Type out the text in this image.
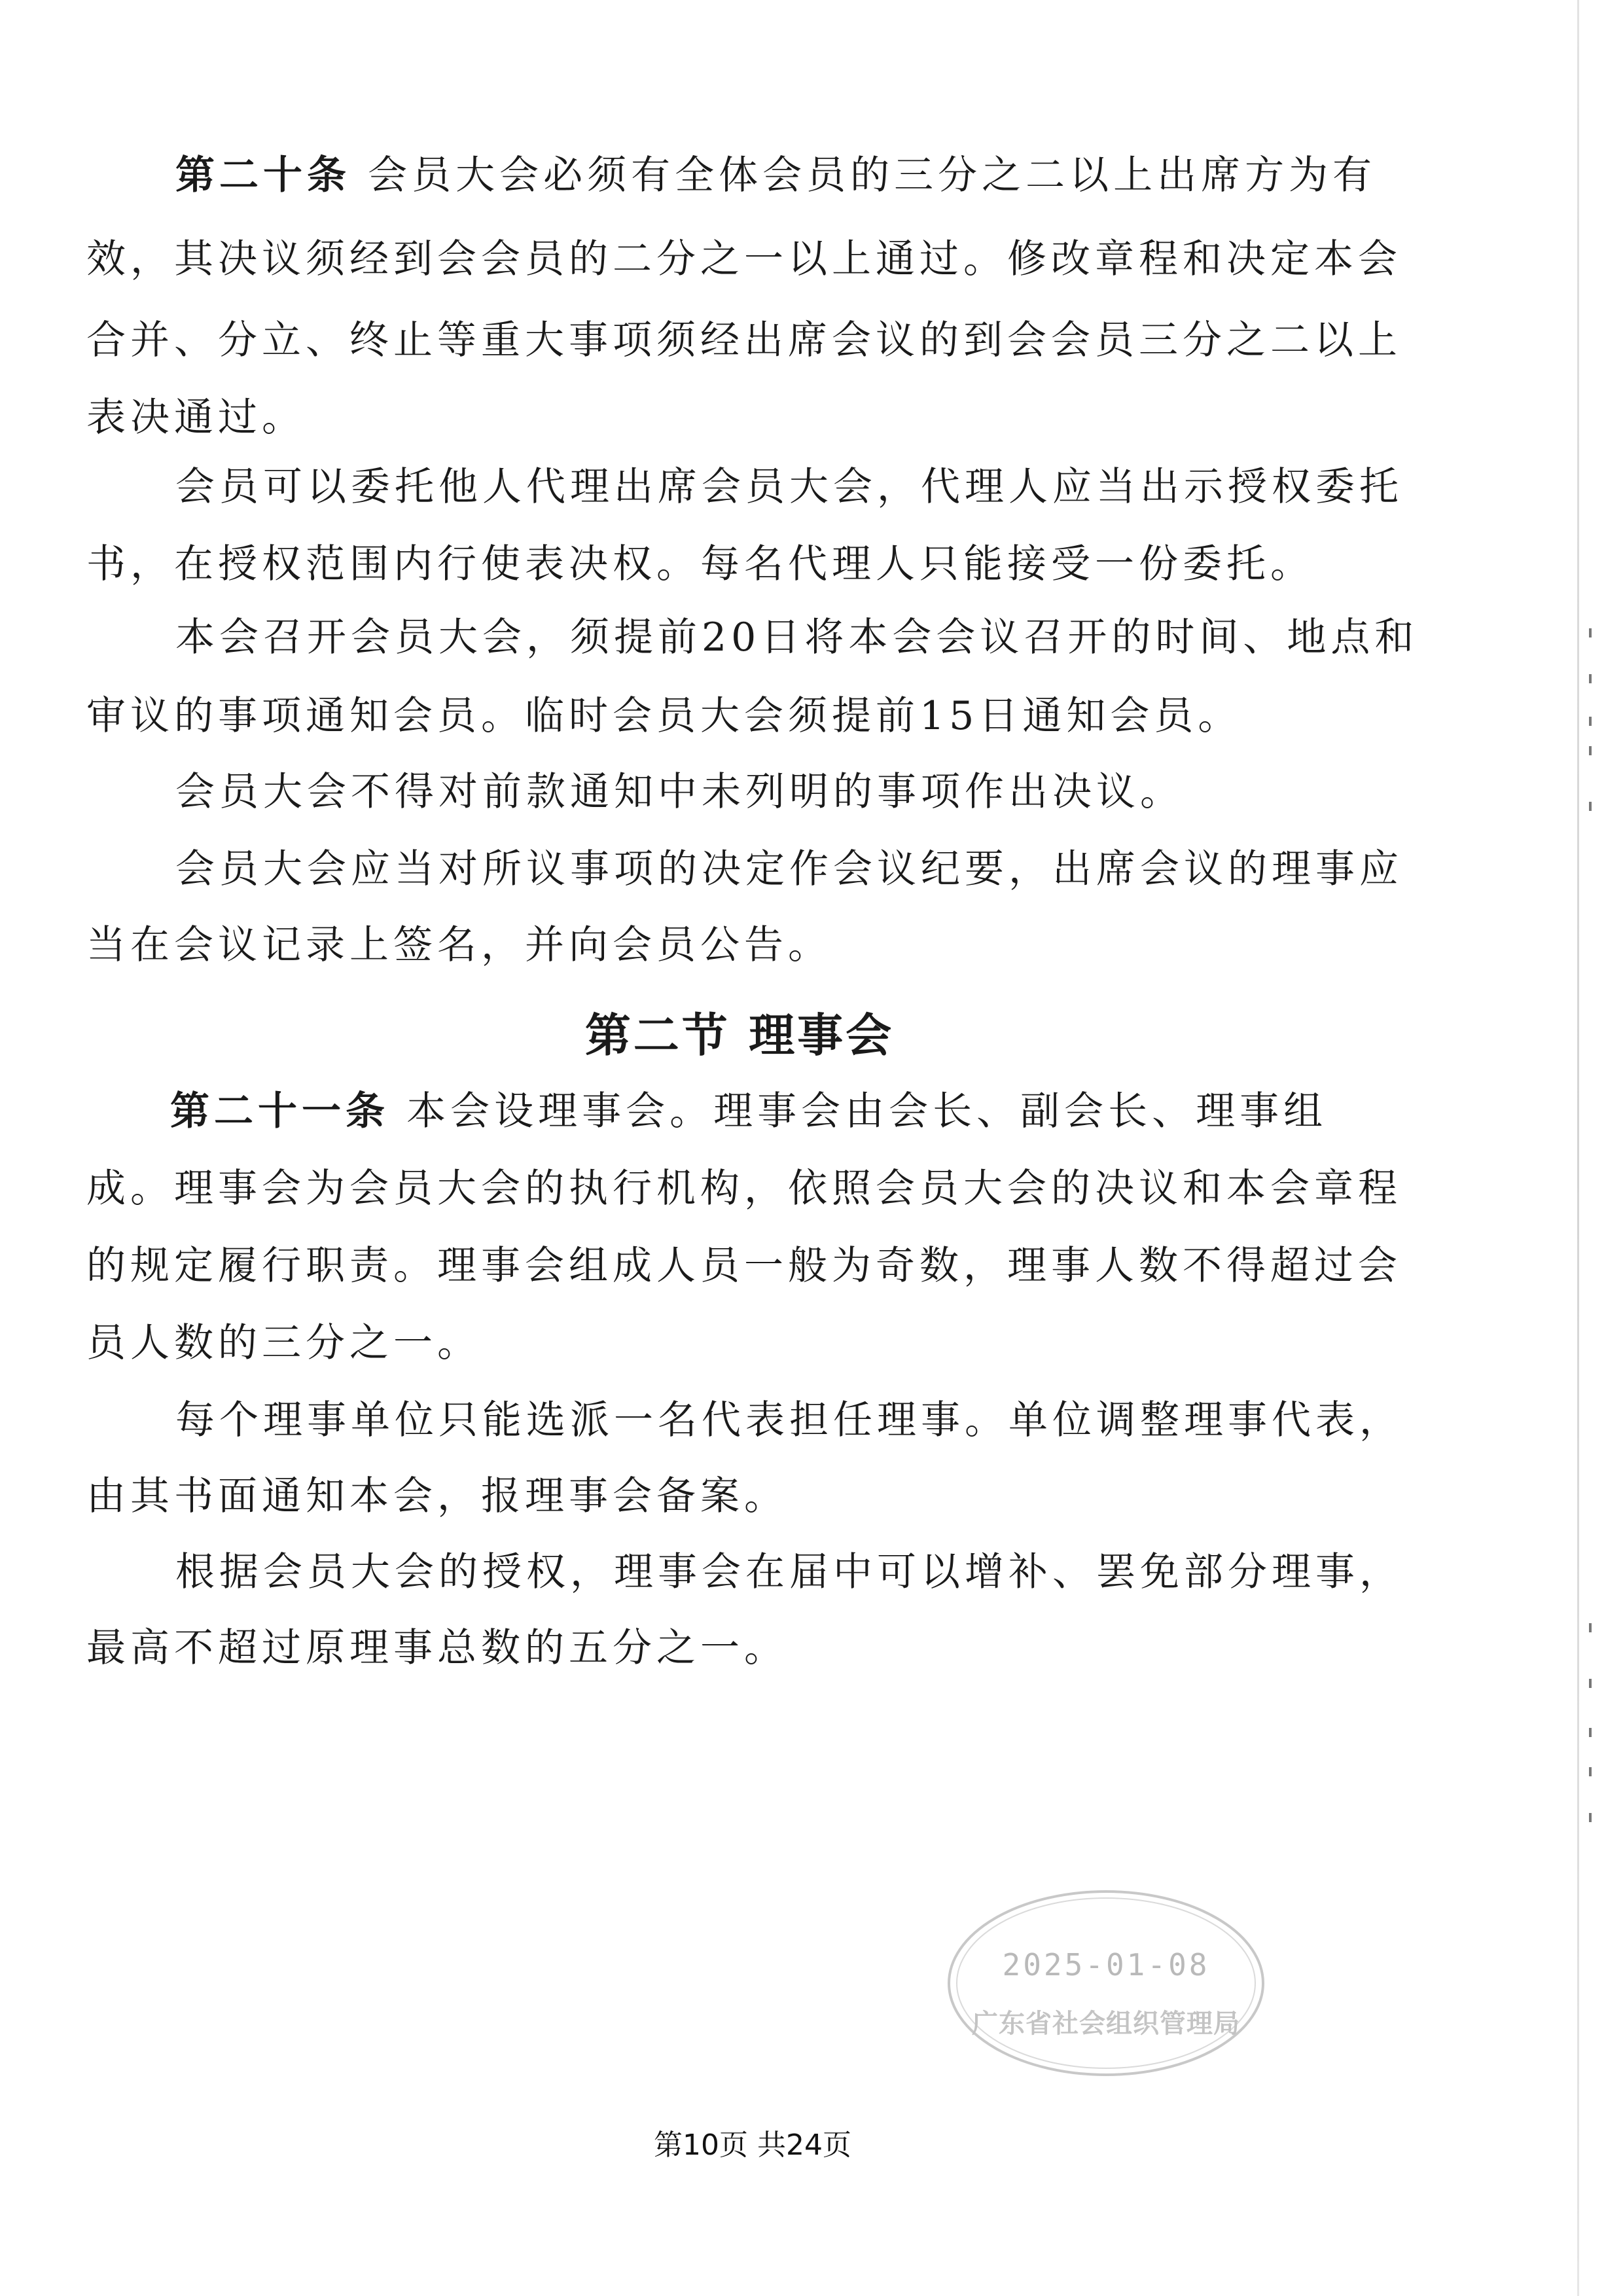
第二十条 会员大会必须有全体会员的三分之二以上出席方为有
效，其决议须经到会会员的二分之一以上通过。修改章程和决定本会
合并、分立、终止等重大事项须经出席会议的到会会员三分之二以上
表决通过。
会员可以委托他人代理出席会员大会，代理人应当出示授权委托
书，在授权范围内行使表决权。每名代理人只能接受一份委托。
本会召开会员大会，须提前20日将本会会议召开的时间、地点和
审议的事项通知会员。临时会员大会须提前15日通知会员。
会员大会不得对前款通知中未列明的事项作出决议。
会员大会应当对所议事项的决定作会议纪要，出席会议的理事应
当在会议记录上签名，并向会员公告。
第二节 理事会
第二十一条 本会设理事会。理事会由会长、副会长、理事组
成。理事会为会员大会的执行机构，依照会员大会的决议和本会章程
的规定履行职责。理事会组成人员一般为奇数，理事人数不得超过会
员人数的三分之一。
每个理事单位只能选派一名代表担任理事。单位调整理事代表，
由其书面通知本会，报理事会备案。
根据会员大会的授权，理事会在届中可以增补、罢免部分理事，
最高不超过原理事总数的五分之一。
2025-01-08
广东省社会组织管理局
第10页 共24页
